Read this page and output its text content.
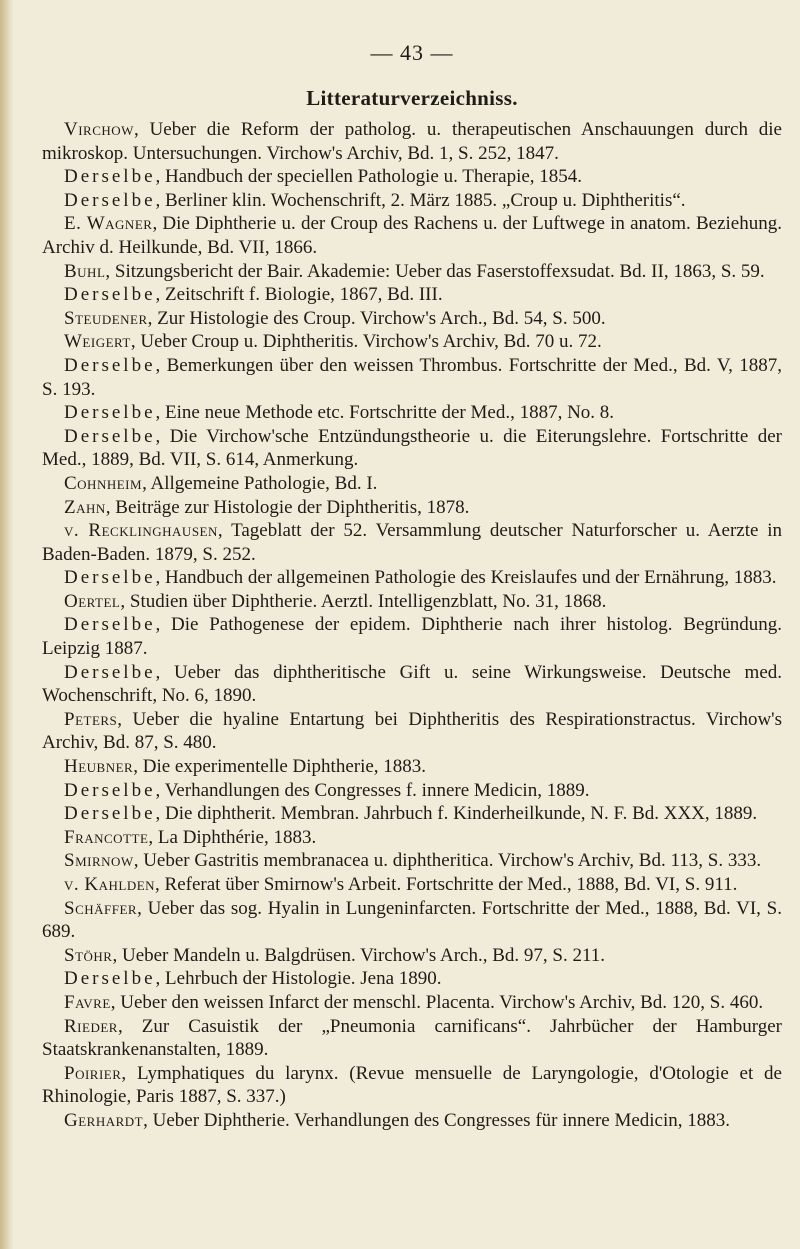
— 43 —
Litteraturverzeichniss.

Virchow, Ueber die Reform der patholog. u. therapeutischen Anschauungen durch die mikroskop. Untersuchungen. Virchow's Archiv, Bd. 1, S. 252, 1847.

Derselbe, Handbuch der speciellen Pathologie u. Therapie, 1854.

Derselbe, Berliner klin. Wochenschrift, 2. März 1885. „Croup u. Diphtheritis“.

E. Wagner, Die Diphtherie u. der Croup des Rachens u. der Luftwege in anatom. Beziehung. Archiv d. Heilkunde, Bd. VII, 1866.

Buhl, Sitzungsbericht der Bair. Akademie: Ueber das Faserstoffexsudat. Bd. II, 1863, S. 59.

Derselbe, Zeitschrift f. Biologie, 1867, Bd. III.

Steudener, Zur Histologie des Croup. Virchow's Arch., Bd. 54, S. 500.

Weigert, Ueber Croup u. Diphtheritis. Virchow's Archiv, Bd. 70 u. 72.

Derselbe, Bemerkungen über den weissen Thrombus. Fortschritte der Med., Bd. V, 1887, S. 193.

Derselbe, Eine neue Methode etc. Fortschritte der Med., 1887, No. 8.

Derselbe, Die Virchow'sche Entzündungstheorie u. die Eiterungslehre. Fortschritte der Med., 1889, Bd. VII, S. 614, Anmerkung.

Cohnheim, Allgemeine Pathologie, Bd. I.

Zahn, Beiträge zur Histologie der Diphtheritis, 1878.

v. Recklinghausen, Tageblatt der 52. Versammlung deutscher Naturforscher u. Aerzte in Baden-Baden. 1879, S. 252.

Derselbe, Handbuch der allgemeinen Pathologie des Kreislaufes und der Ernährung, 1883.

Oertel, Studien über Diphtherie. Aerztl. Intelligenzblatt, No. 31, 1868.

Derselbe, Die Pathogenese der epidem. Diphtherie nach ihrer histolog. Begründung. Leipzig 1887.

Derselbe, Ueber das diphtheritische Gift u. seine Wirkungsweise. Deutsche med. Wochenschrift, No. 6, 1890.

Peters, Ueber die hyaline Entartung bei Diphtheritis des Respirationstractus. Virchow's Archiv, Bd. 87, S. 480.

Heubner, Die experimentelle Diphtherie, 1883.

Derselbe, Verhandlungen des Congresses f. innere Medicin, 1889.

Derselbe, Die diphtherit. Membran. Jahrbuch f. Kinderheilkunde, N. F. Bd. XXX, 1889.

Francotte, La Diphthérie, 1883.

Smirnow, Ueber Gastritis membranacea u. diphtheritica. Virchow's Archiv, Bd. 113, S. 333.

v. Kahlden, Referat über Smirnow's Arbeit. Fortschritte der Med., 1888, Bd. VI, S. 911.

Schäffer, Ueber das sog. Hyalin in Lungeninfarcten. Fortschritte der Med., 1888, Bd. VI, S. 689.

Stöhr, Ueber Mandeln u. Balgdrüsen. Virchow's Arch., Bd. 97, S. 211.

Derselbe, Lehrbuch der Histologie. Jena 1890.

Favre, Ueber den weissen Infarct der menschl. Placenta. Virchow's Archiv, Bd. 120, S. 460.

Rieder, Zur Casuistik der „Pneumonia carnificans“. Jahrbücher der Hamburger Staatskrankenanstalten, 1889.

Poirier, Lymphatiques du larynx. (Revue mensuelle de Laryngologie, d'Otologie et de Rhinologie, Paris 1887, S. 337.)

Gerhardt, Ueber Diphtherie. Verhandlungen des Congresses für innere Medicin, 1883.
